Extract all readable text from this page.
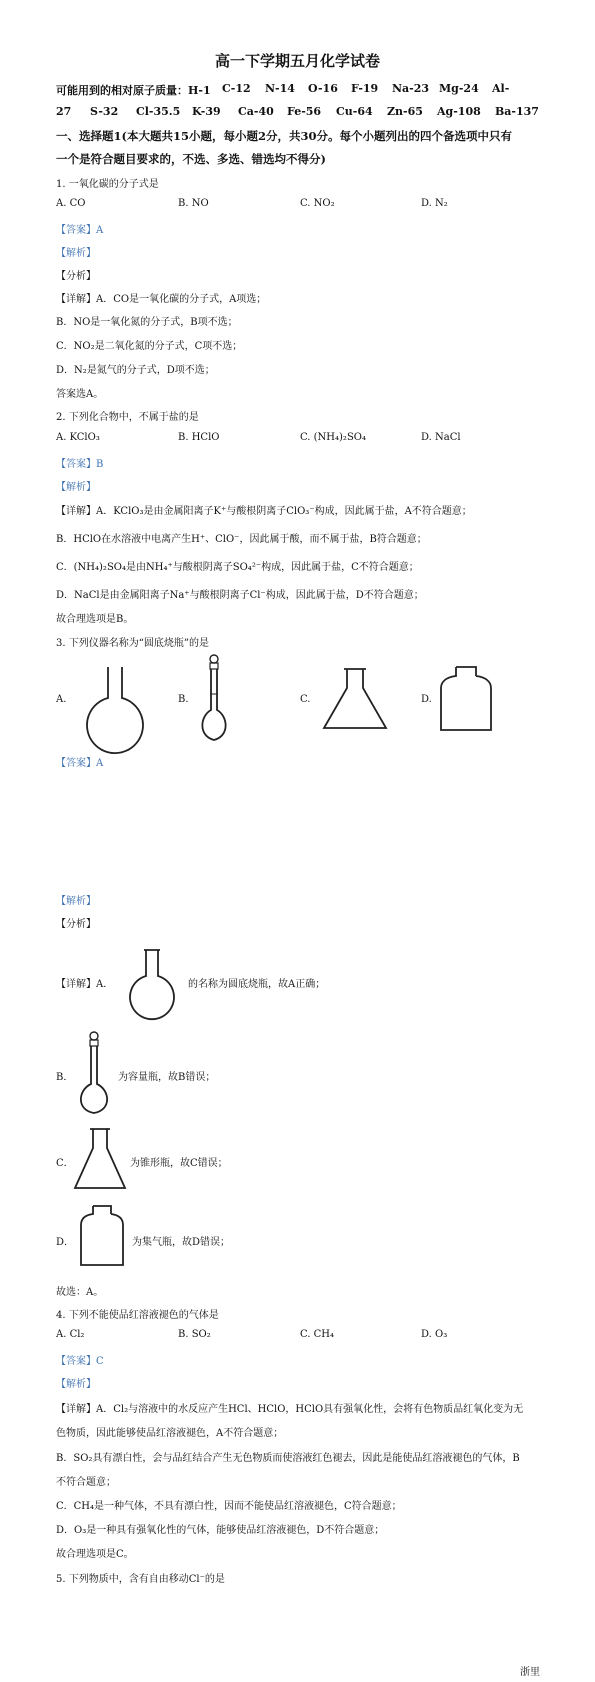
高一下学期五月化学试卷
可能用到的相对原子质量：H-1 C-12 N-14 O-16 F-19 Na-23 Mg-24 Al-
27 S-32 Cl-35.5 K-39 Ca-40 Fe-56 Cu-64 Zn-65 Ag-108 Ba-137
一、选择题1(本大题共15小题，每小题2分，共30分。每个小题列出的四个备选项中只有
一个是符合题目要求的，不选、多选、错选均不得分)
1. 一氧化碳的分子式是
A. CO	B. NO	C. NO₂	D. N₂
【答案】A
【解析】
【分析】
【详解】A．CO是一氧化碳的分子式，A项选；
B．NO是一氧化氮的分子式，B项不选；
C．NO₂是二氧化氮的分子式，C项不选；
D．N₂是氮气的分子式，D项不选；
答案选A。
2. 下列化合物中，不属于盐的是
A. KClO₃	B. HClO	C. (NH₄)₂SO₄	D. NaCl
【答案】B
【解析】
【详解】A．KClO₃是由金属阳离子K⁺与酸根阴离子ClO₃⁻构成，因此属于盐，A不符合题意；
B．HClO在水溶液中电离产生H⁺、ClO⁻，因此属于酸，而不属于盐，B符合题意；
C．(NH₄)₂SO₄是由NH₄⁺与酸根阴离子SO₄²⁻构成，因此属于盐，C不符合题意；
D．NaCl是由金属阳离子Na⁺与酸根阴离子Cl⁻构成，因此属于盐，D不符合题意；
故合理选项是B。
3. 下列仪器名称为“圆底烧瓶”的是
A.	B.	C.	D.
【答案】A
【解析】
【分析】
【详解】A．	的名称为圆底烧瓶，故A正确；
B．	为容量瓶，故B错误；
C．	为锥形瓶，故C错误；
D．	为集气瓶，故D错误；
故选：A。
4. 下列不能使品红溶液褪色的气体是
A. Cl₂	B. SO₂	C. CH₄	D. O₃
【答案】C
【解析】
【详解】A．Cl₂与溶液中的水反应产生HCl、HClO，HClO具有强氧化性，会将有色物质品红氧化变为无
色物质，因此能够使品红溶液褪色，A不符合题意；
B．SO₂具有漂白性，会与品红结合产生无色物质而使溶液红色褪去，因此是能使品红溶液褪色的气体，B
不符合题意；
C．CH₄是一种气体，不具有漂白性，因而不能使品红溶液褪色，C符合题意；
D．O₃是一种具有强氧化性的气体，能够使品红溶液褪色，D不符合题意；
故合理选项是C。
5. 下列物质中，含有自由移动Cl⁻的是
浙里
